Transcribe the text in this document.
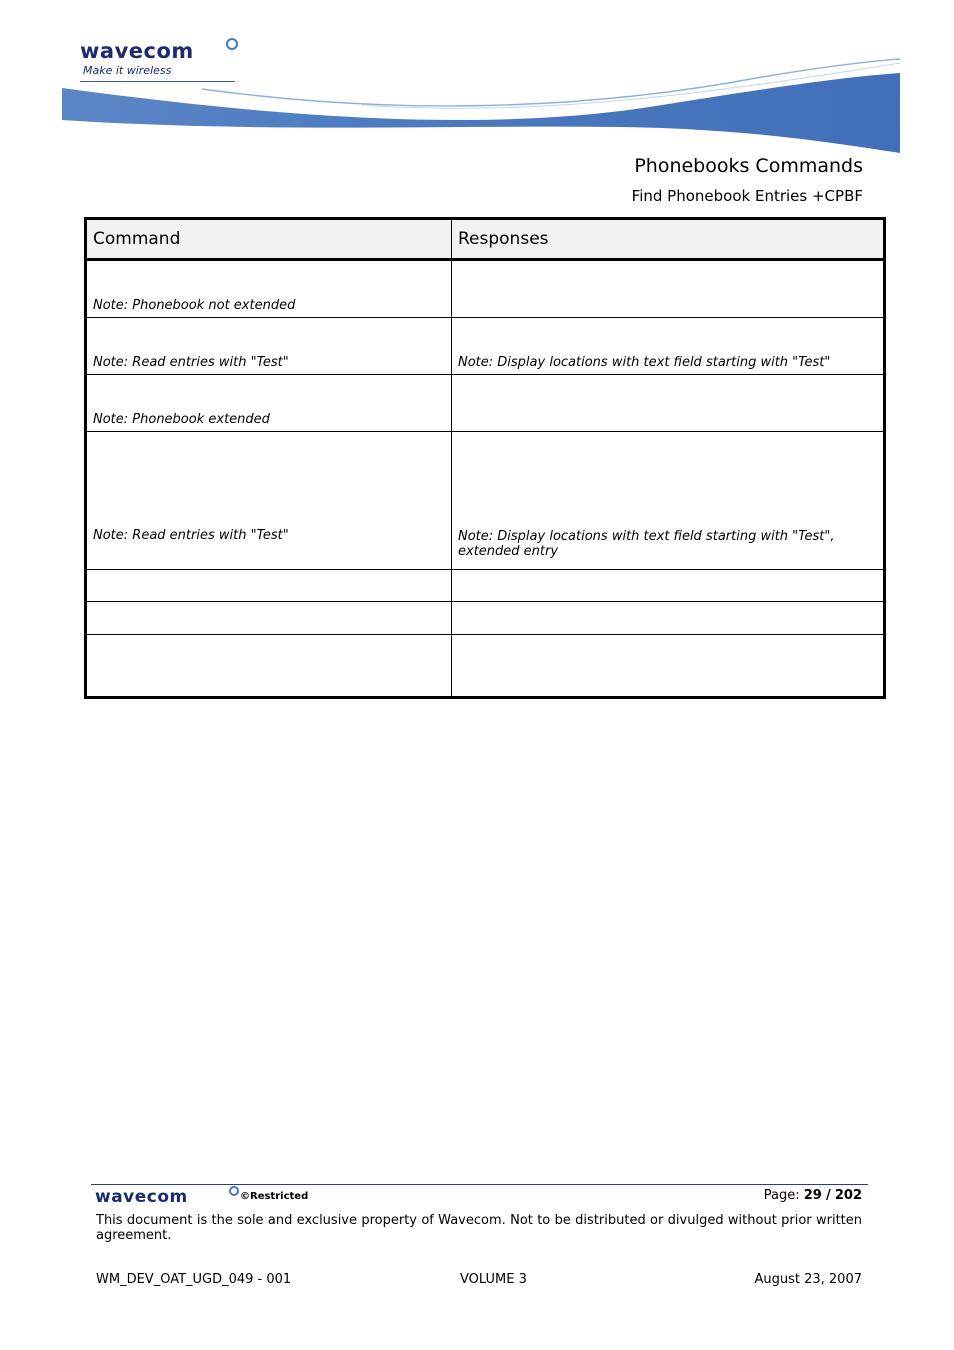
wavecom
Make it wireless
Phonebooks Commands
Find Phonebook Entries +CPBF
Command	Responses
Note: Phonebook not extended	
Note: Read entries with "Test"	Note: Display locations with text field starting with "Test"
Note: Phonebook extended	
Note: Read entries with "Test"	Note: Display locations with text field starting with "Test", extended entry

wavecom	©Restricted	Page: 29 / 202
This document is the sole and exclusive property of Wavecom. Not to be distributed or divulged without prior written agreement.
WM_DEV_OAT_UGD_049 - 001	VOLUME 3	August 23, 2007
